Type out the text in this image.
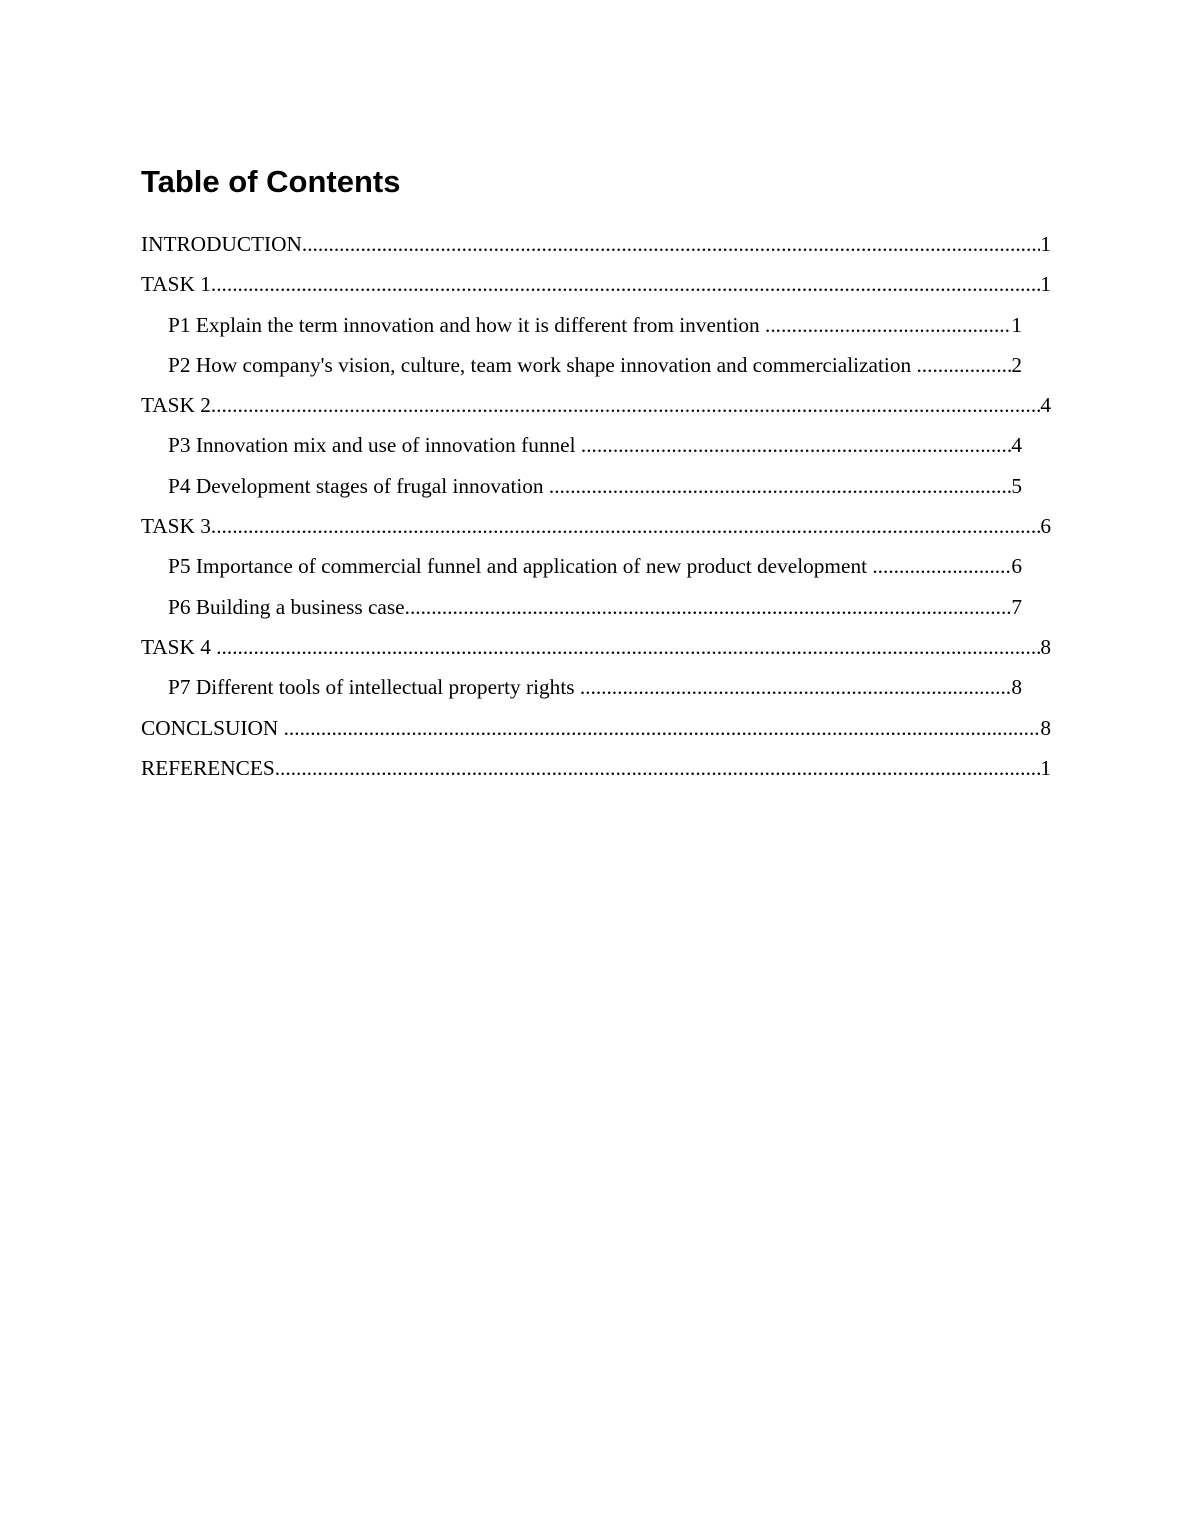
Table of Contents
INTRODUCTION .....	1
TASK 1 .....	1
P1 Explain the term innovation and how it is different from invention .....	1
P2 How company's vision, culture, team work shape innovation and commercialization .....	2
TASK 2 .....	4
P3 Innovation mix and use of innovation funnel .....	4
P4 Development stages of frugal innovation .....	5
TASK 3 .....	6
P5 Importance of commercial funnel and application of new product development .....	6
P6 Building a business case .....	7
TASK 4 .....	8
P7 Different tools of intellectual property rights .....	8
CONCLSUION .....	8
REFERENCES .....	1
